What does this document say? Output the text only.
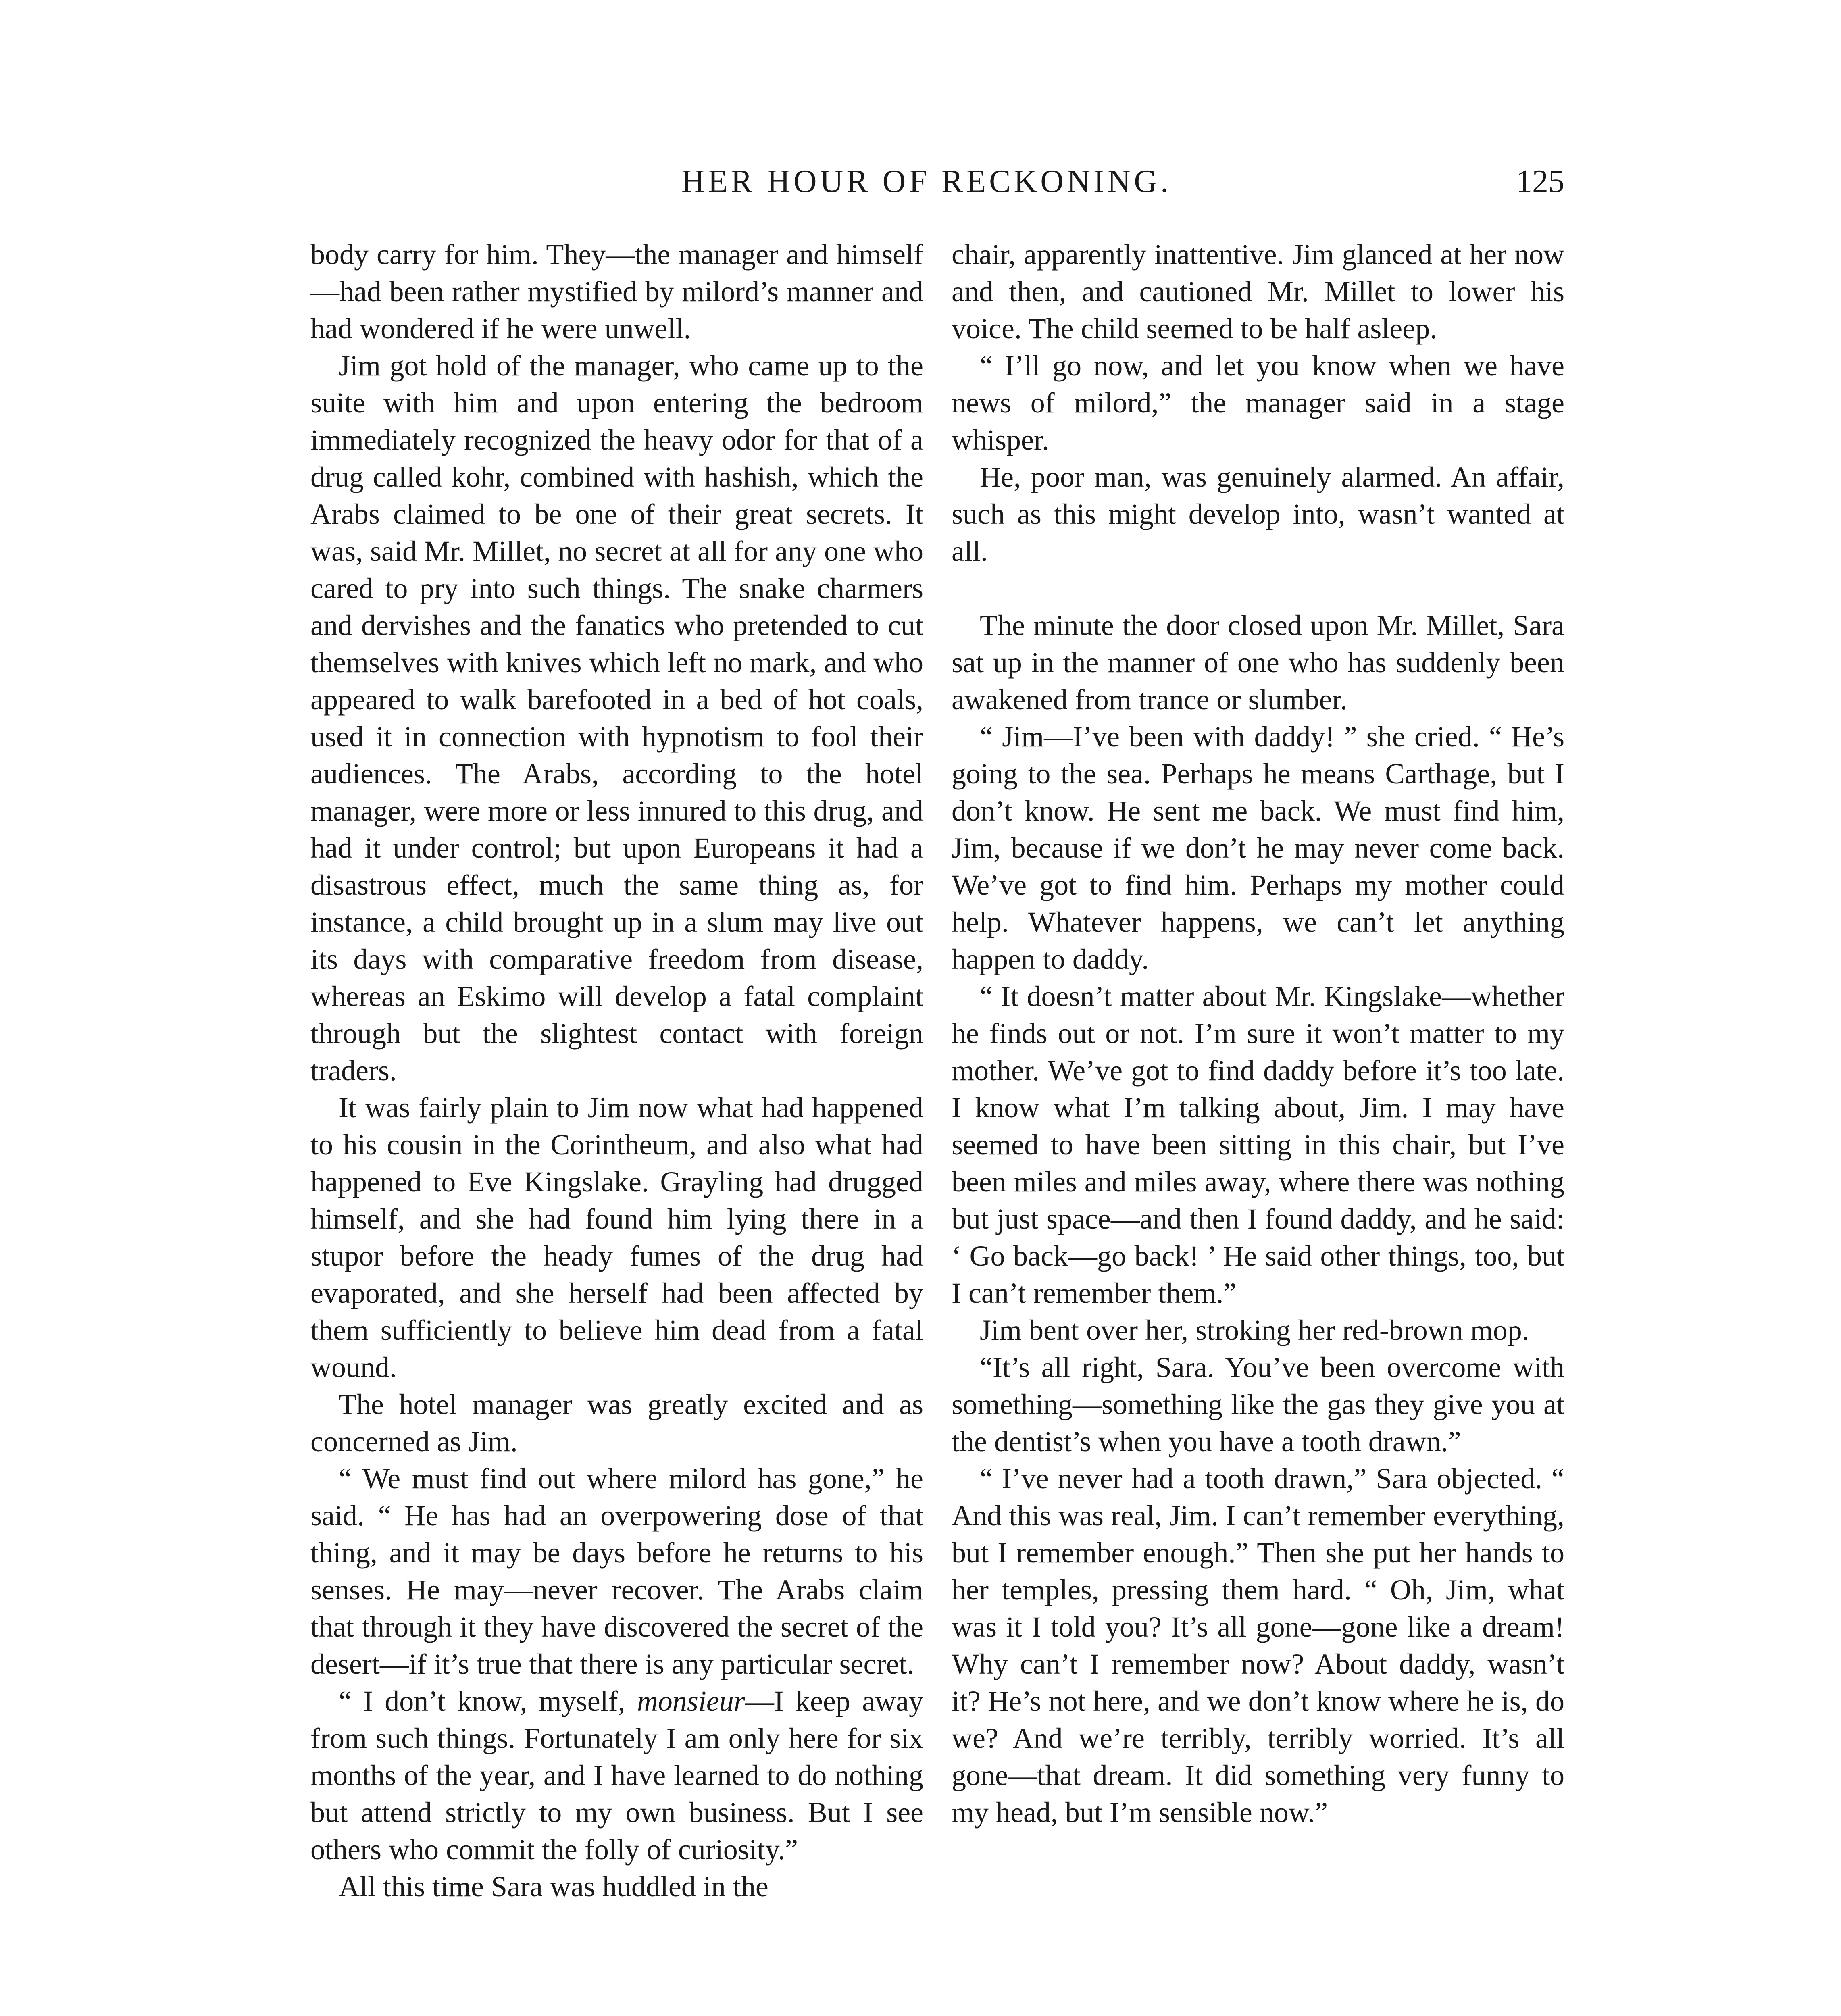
HER HOUR OF RECKONING.	125

body carry for him. They—the manager and himself—had been rather mystified by milord’s manner and had wondered if he were unwell.

Jim got hold of the manager, who came up to the suite with him and upon entering the bedroom immediately recognized the heavy odor for that of a drug called kohr, combined with hashish, which the Arabs claimed to be one of their great secrets. It was, said Mr. Millet, no secret at all for any one who cared to pry into such things. The snake charmers and dervishes and the fanatics who pretended to cut themselves with knives which left no mark, and who appeared to walk barefooted in a bed of hot coals, used it in connection with hypnotism to fool their audiences. The Arabs, according to the hotel manager, were more or less innured to this drug, and had it under control; but upon Europeans it had a disastrous effect, much the same thing as, for instance, a child brought up in a slum may live out its days with comparative freedom from disease, whereas an Eskimo will develop a fatal complaint through but the slightest contact with foreign traders.

It was fairly plain to Jim now what had happened to his cousin in the Corintheum, and also what had happened to Eve Kingslake. Grayling had drugged himself, and she had found him lying there in a stupor before the heady fumes of the drug had evaporated, and she herself had been affected by them sufficiently to believe him dead from a fatal wound.

The hotel manager was greatly excited and as concerned as Jim.

“ We must find out where milord has gone,” he said. “ He has had an overpowering dose of that thing, and it may be days before he returns to his senses. He may—never recover. The Arabs claim that through it they have discovered the secret of the desert—if it’s true that there is any particular secret.

“ I don’t know, myself, monsieur—I keep away from such things. Fortunately I am only here for six months of the year, and I have learned to do nothing but attend strictly to my own business. But I see others who commit the folly of curiosity.”

All this time Sara was huddled in the

chair, apparently inattentive. Jim glanced at her now and then, and cautioned Mr. Millet to lower his voice. The child seemed to be half asleep.

“ I’ll go now, and let you know when we have news of milord,” the manager said in a stage whisper.

He, poor man, was genuinely alarmed. An affair, such as this might develop into, wasn’t wanted at all.

The minute the door closed upon Mr. Millet, Sara sat up in the manner of one who has suddenly been awakened from trance or slumber.

“ Jim—I’ve been with daddy! ” she cried. “ He’s going to the sea. Perhaps he means Carthage, but I don’t know. He sent me back. We must find him, Jim, because if we don’t he may never come back. We’ve got to find him. Perhaps my mother could help. Whatever happens, we can’t let anything happen to daddy.

“ It doesn’t matter about Mr. Kingslake—whether he finds out or not. I’m sure it won’t matter to my mother. We’ve got to find daddy before it’s too late. I know what I’m talking about, Jim. I may have seemed to have been sitting in this chair, but I’ve been miles and miles away, where there was nothing but just space—and then I found daddy, and he said: ‘ Go back—go back! ’ He said other things, too, but I can’t remember them.”

Jim bent over her, stroking her red-brown mop.

“It’s all right, Sara. You’ve been overcome with something—something like the gas they give you at the dentist’s when you have a tooth drawn.”

“ I’ve never had a tooth drawn,” Sara objected. “ And this was real, Jim. I can’t remember everything, but I remember enough.” Then she put her hands to her temples, pressing them hard. “ Oh, Jim, what was it I told you? It’s all gone—gone like a dream! Why can’t I remember now? About daddy, wasn’t it? He’s not here, and we don’t know where he is, do we? And we’re terribly, terribly worried. It’s all gone—that dream. It did something very funny to my head, but I’m sensible now.”
